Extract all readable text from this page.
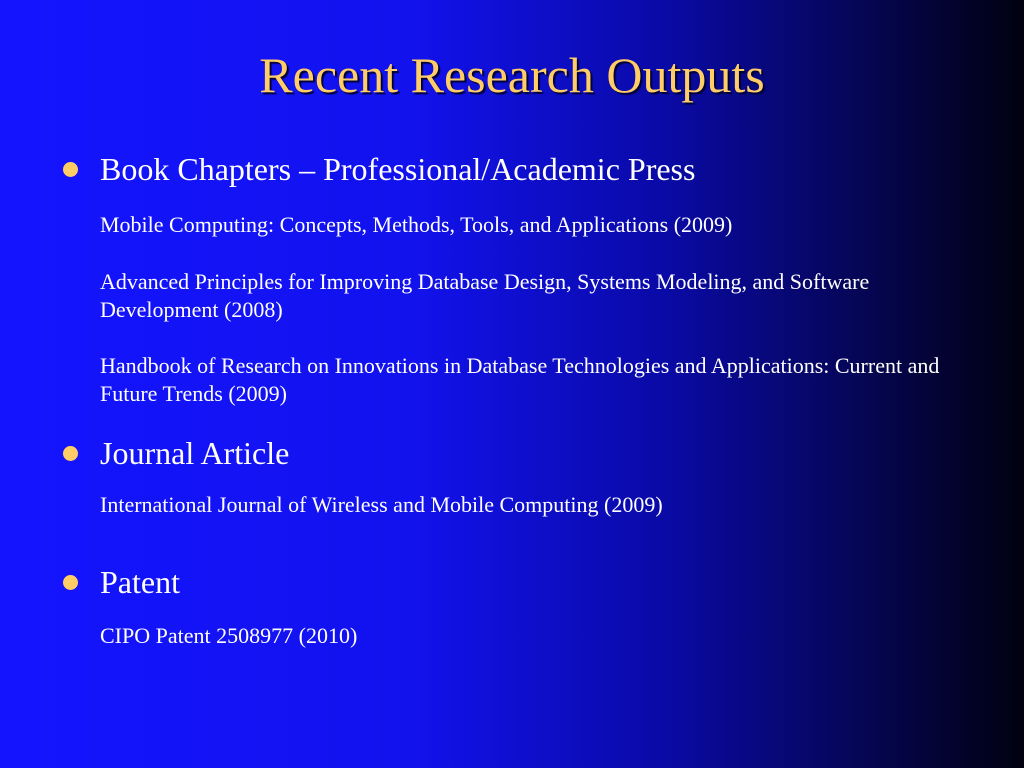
Recent Research Outputs
Book Chapters – Professional/Academic Press
Mobile Computing: Concepts, Methods, Tools, and Applications (2009)
Advanced Principles for Improving Database Design, Systems Modeling, and Software Development (2008)
Handbook of Research on Innovations in Database Technologies and Applications: Current and Future Trends (2009)
Journal Article
International Journal of Wireless and Mobile Computing (2009)
Patent
CIPO Patent 2508977 (2010)
